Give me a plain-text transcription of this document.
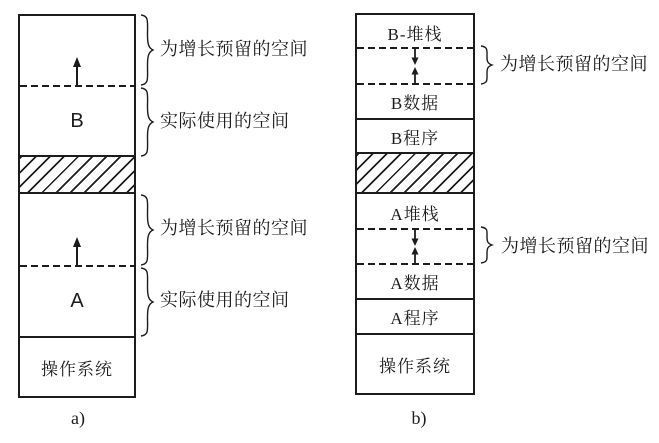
B
A
操作系统
为增长预留的空间
实际使用的空间
为增长预留的空间
实际使用的空间
a)
B-堆栈
B数据
B程序
A堆栈
A数据
A程序
操作系统
为增长预留的空间
为增长预留的空间
b)
